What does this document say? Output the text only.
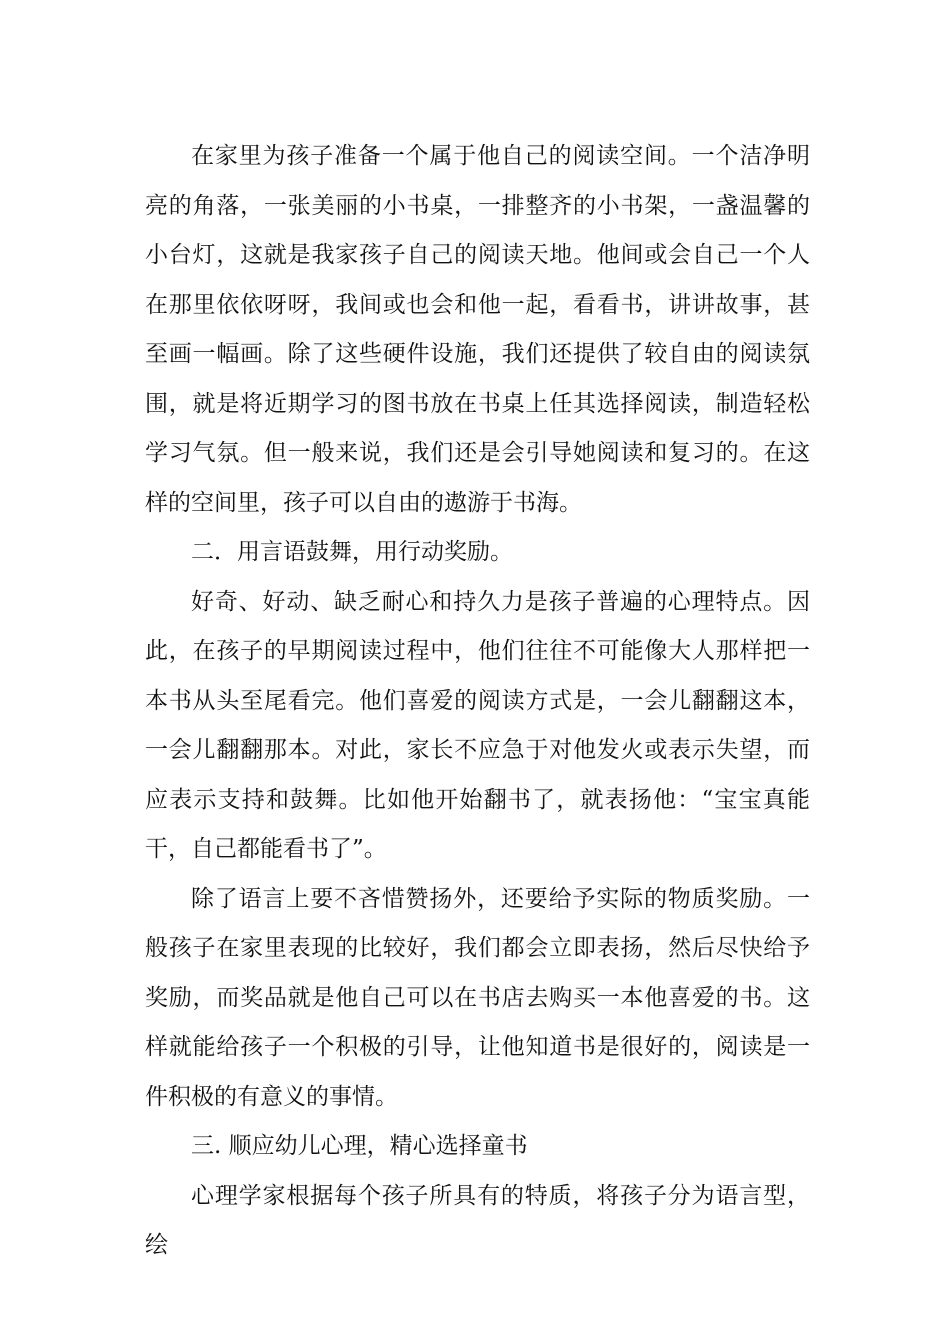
在家里为孩子准备一个属于他自己的阅读空间。一个洁净明亮的角落，一张美丽的小书桌，一排整齐的小书架，一盏温馨的小台灯，这就是我家孩子自己的阅读天地。他间或会自己一个人在那里依依呀呀，我间或也会和他一起，看看书，讲讲故事，甚至画一幅画。除了这些硬件设施，我们还提供了较自由的阅读氛围，就是将近期学习的图书放在书桌上任其选择阅读，制造轻松学习气氛。但一般来说，我们还是会引导她阅读和复习的。在这样的空间里，孩子可以自由的遨游于书海。

二．用言语鼓舞，用行动奖励。

好奇、好动、缺乏耐心和持久力是孩子普遍的心理特点。因此，在孩子的早期阅读过程中，他们往往不可能像大人那样把一本书从头至尾看完。他们喜爱的阅读方式是，一会儿翻翻这本，一会儿翻翻那本。对此，家长不应急于对他发火或表示失望，而应表示支持和鼓舞。比如他开始翻书了，就表扬他：“宝宝真能干，自己都能看书了”。

除了语言上要不吝惜赞扬外，还要给予实际的物质奖励。一般孩子在家里表现的比较好，我们都会立即表扬，然后尽快给予奖励，而奖品就是他自己可以在书店去购买一本他喜爱的书。这样就能给孩子一个积极的引导，让他知道书是很好的，阅读是一件积极的有意义的事情。

三. 顺应幼儿心理，精心选择童书

心理学家根据每个孩子所具有的特质，将孩子分为语言型，绘
